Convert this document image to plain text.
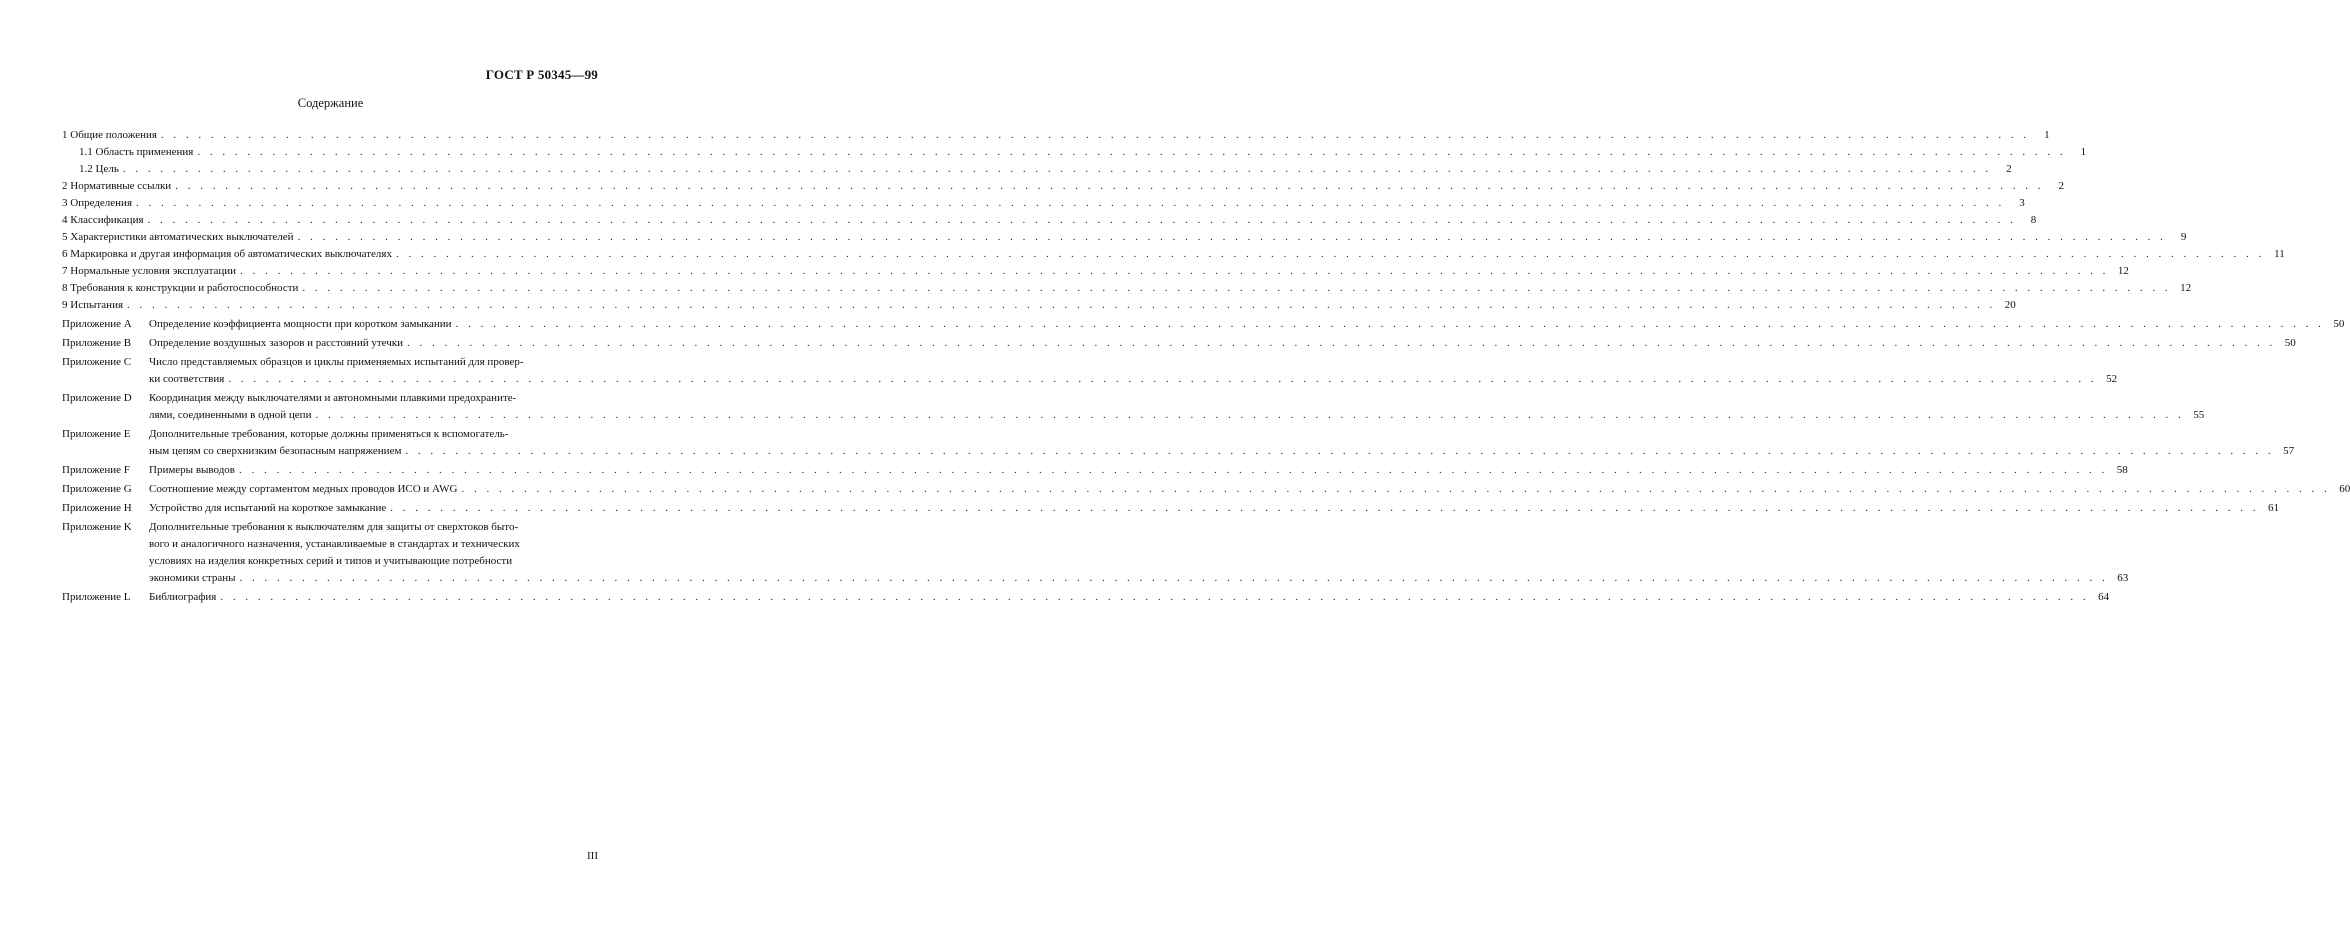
ГОСТ Р 50345—99
Содержание
1 Общие положения . . .	1
1.1 Область применения . . .	1
1.2 Цель . . .	2
2 Нормативные ссылки . . .	2
3 Определения . . .	3
4 Классификация . . .	8
5 Характеристики автоматических выключателей . . .	9
6 Маркировка и другая информация об автоматических выключателях . . .	11
7 Нормальные условия эксплуатации . . .	12
8 Требования к конструкции и работоспособности . . .	12
9 Испытания . . .	20
Приложение A	Определение коэффициента мощности при коротком замыкании . . .	50
Приложение B	Определение воздушных зазоров и расстояний утечки . . .	50
Приложение C	Число представляемых образцов и циклы применяемых испытаний для провер-
ки соответствия . . .	52
Приложение D	Координация между выключателями и автономными плавкими предохраните-
лями, соединенными в одной цепи . . .	55
Приложение E	Дополнительные требования, которые должны применяться к вспомогатель-
ным цепям со сверхнизким безопасным напряжением . . .	57
Приложение F	Примеры выводов . . .	58
Приложение G	Соотношение между сортаментом медных проводов ИСО и AWG . . .	60
Приложение H	Устройство для испытаний на короткое замыкание . . .	61
Приложение K	Дополнительные требования к выключателям для защиты от сверхтоков быто-
вого и аналогичного назначения, устанавливаемые в стандартах и технических
условиях на изделия конкретных серий и типов и учитывающие потребности
экономики страны . . .	63
Приложение L	Библиография . . .	64
III
